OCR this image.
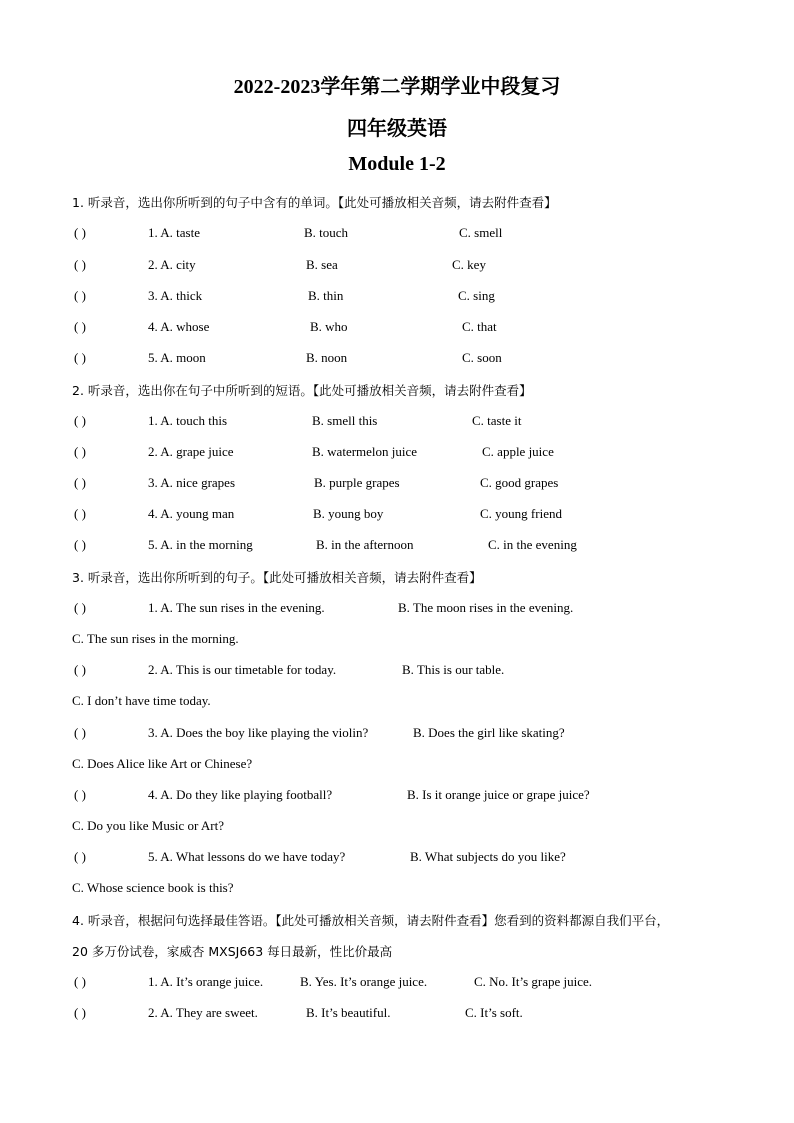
2022-2023学年第二学期学业中段复习
四年级英语
Module 1-2
1. 听录音，选出你所听到的句子中含有的单词。【此处可播放相关音频，请去附件查看】
( )	1. A. taste	B. touch	C. smell
( )	2. A. city	B. sea	C. key
( )	3. A. thick	B. thin	C. sing
( )	4. A. whose	B. who	C. that
( )	5. A. moon	B. noon	C. soon
2. 听录音，选出你在句子中所听到的短语。【此处可播放相关音频，请去附件查看】
( )	1. A. touch this	B. smell this	C. taste it
( )	2. A. grape juice	B. watermelon juice	C. apple juice
( )	3. A. nice grapes	B. purple grapes	C. good grapes
( )	4. A. young man	B. young boy	C. young friend
( )	5. A. in the morning	B. in the afternoon	C. in the evening
3. 听录音，选出你所听到的句子。【此处可播放相关音频，请去附件查看】
( )	1. A. The sun rises in the evening.	B. The moon rises in the evening.
C. The sun rises in the morning.
( )	2. A. This is our timetable for today.	B. This is our table.
C. I don’t have time today.
( )	3. A. Does the boy like playing the violin?	B. Does the girl like skating?
C. Does Alice like Art or Chinese?
( )	4. A. Do they like playing football?	B. Is it orange juice or grape juice?
C. Do you like Music or Art?
( )	5. A. What lessons do we have today?	B. What subjects do you like?
C. Whose science book is this?
4. 听录音，根据问句选择最佳答语。【此处可播放相关音频，请去附件查看】您看到的资料都源自我们平台，
20 多万份试卷，家威杏 MXSJ663 每日最新，性比价最高
( )	1. A. It’s orange juice.	B. Yes. It’s orange juice.	C. No. It’s grape juice.
( )	2. A. They are sweet.	B. It’s beautiful.	C. It’s soft.
